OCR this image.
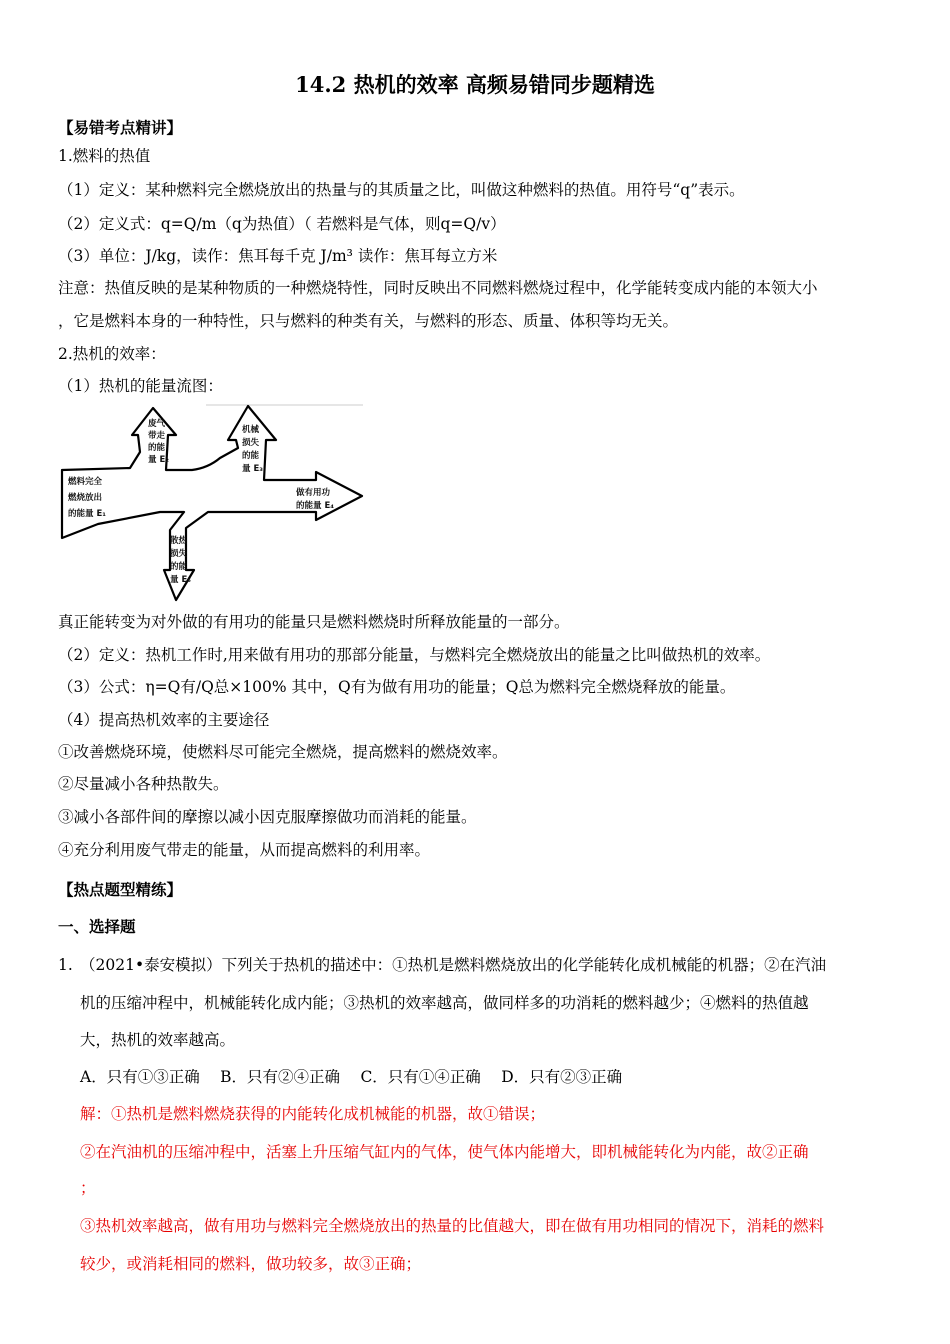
14.2 热机的效率 高频易错同步题精选
【易错考点精讲】
1.燃料的热值
（1）定义：某种燃料完全燃烧放出的热量与的其质量之比，叫做这种燃料的热值。用符号“q”表示。
（2）定义式：q=Q/m（q为热值）（ 若燃料是气体，则q=Q/v）
（3）单位：J/kg，读作：焦耳每千克 J/m³ 读作：焦耳每立方米
注意：热值反映的是某种物质的一种燃烧特性，同时反映出不同燃料燃烧过程中，化学能转变成内能的本领大小
，它是燃料本身的一种特性，只与燃料的种类有关，与燃料的形态、质量、体积等均无关。
2.热机的效率：
（1）热机的能量流图：
燃料完全
燃烧放出
的能量 E₁
废气
带走
的能
量 E₂
机械
损失
的能
量 E₃
做有用功
的能量 E₄
散热
损失
的能
量 E₅
真正能转变为对外做的有用功的能量只是燃料燃烧时所释放能量的一部分。
（2）定义：热机工作时,用来做有用功的那部分能量，与燃料完全燃烧放出的能量之比叫做热机的效率。
（3）公式：η=Q有/Q总×100% 其中，Q有为做有用功的能量；Q总为燃料完全燃烧释放的能量。
（4）提高热机效率的主要途径
①改善燃烧环境，使燃料尽可能完全燃烧，提高燃料的燃烧效率。
②尽量减小各种热散失。
③减小各部件间的摩擦以减小因克服摩擦做功而消耗的能量。
④充分利用废气带走的能量，从而提高燃料的利用率。
【热点题型精练】
一、选择题
1. （2021•泰安模拟）下列关于热机的描述中：①热机是燃料燃烧放出的化学能转化成机械能的机器；②在汽油
机的压缩冲程中，机械能转化成内能；③热机的效率越高，做同样多的功消耗的燃料越少；④燃料的热值越
大，热机的效率越高。
A．只有①③正确　 B．只有②④正确　 C．只有①④正确　 D．只有②③正确
解：①热机是燃料燃烧获得的内能转化成机械能的机器，故①错误；
②在汽油机的压缩冲程中，活塞上升压缩气缸内的气体，使气体内能增大，即机械能转化为内能，故②正确
；
③热机效率越高，做有用功与燃料完全燃烧放出的热量的比值越大，即在做有用功相同的情况下，消耗的燃料
较少，或消耗相同的燃料，做功较多，故③正确；
